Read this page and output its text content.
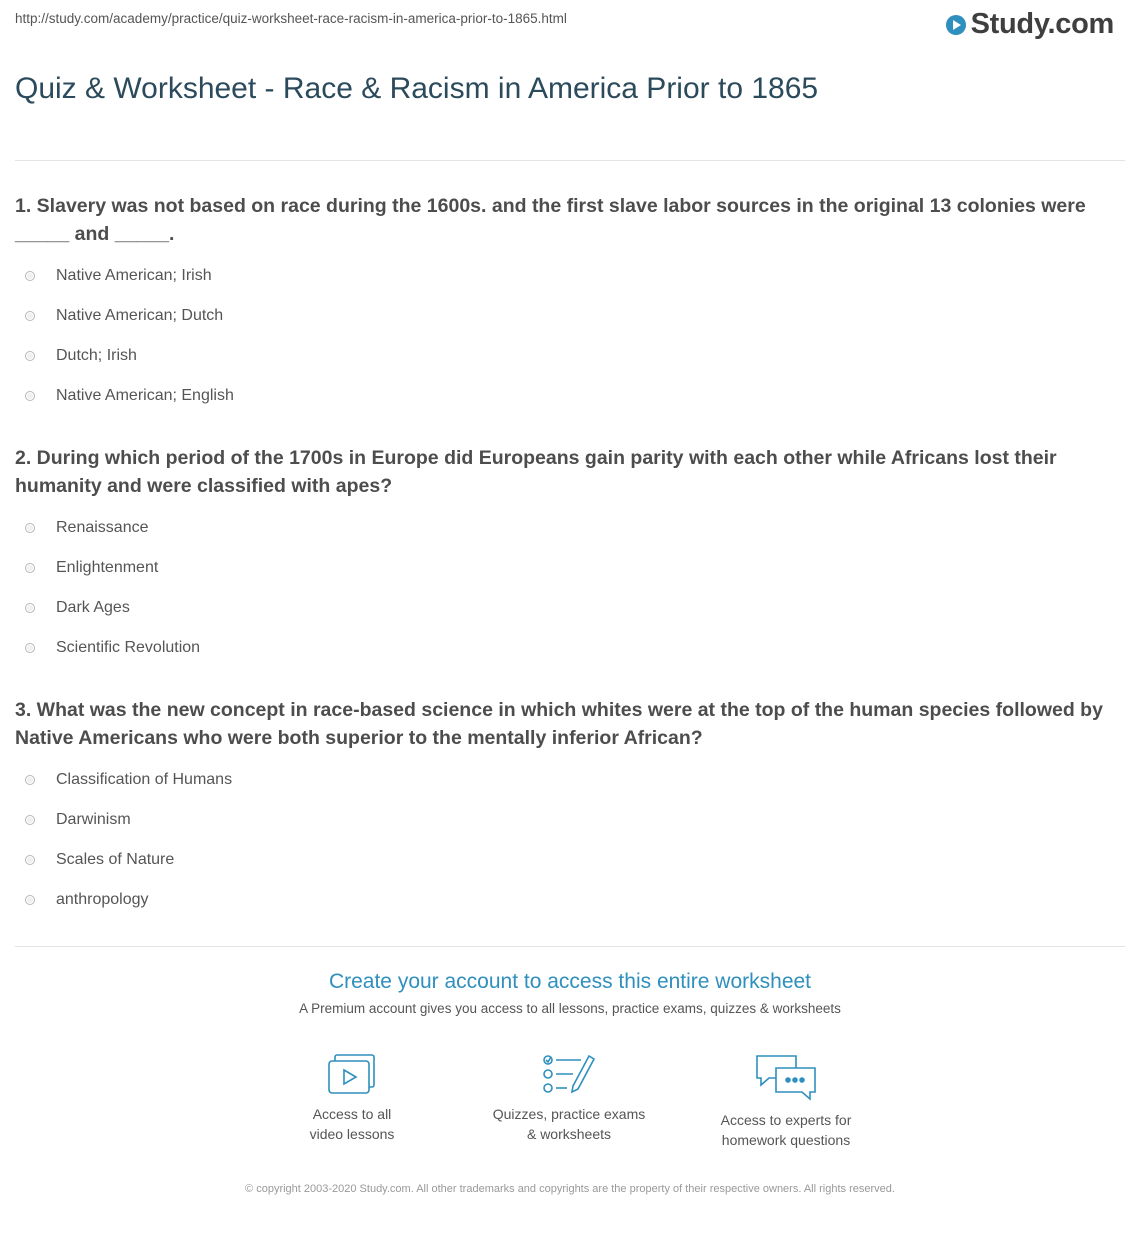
http://study.com/academy/practice/quiz-worksheet-race-racism-in-america-prior-to-1865.html	Study.com
Quiz & Worksheet - Race & Racism in America Prior to 1865

1. Slavery was not based on race during the 1600s. and the first slave labor sources in the original 13 colonies were _____ and _____.

Native American; Irish
Native American; Dutch
Dutch; Irish
Native American; English

2. During which period of the 1700s in Europe did Europeans gain parity with each other while Africans lost their humanity and were classified with apes?

Renaissance
Enlightenment
Dark Ages
Scientific Revolution

3. What was the new concept in race-based science in which whites were at the top of the human species followed by Native Americans who were both superior to the mentally inferior African?

Classification of Humans
Darwinism
Scales of Nature
anthropology
Create your account to access this entire worksheet
A Premium account gives you access to all lessons, practice exams, quizzes & worksheets
Access to all
video lessons
Quizzes, practice exams
& worksheets
Access to experts for
homework questions
© copyright 2003-2020 Study.com. All other trademarks and copyrights are the property of their respective owners. All rights reserved.
